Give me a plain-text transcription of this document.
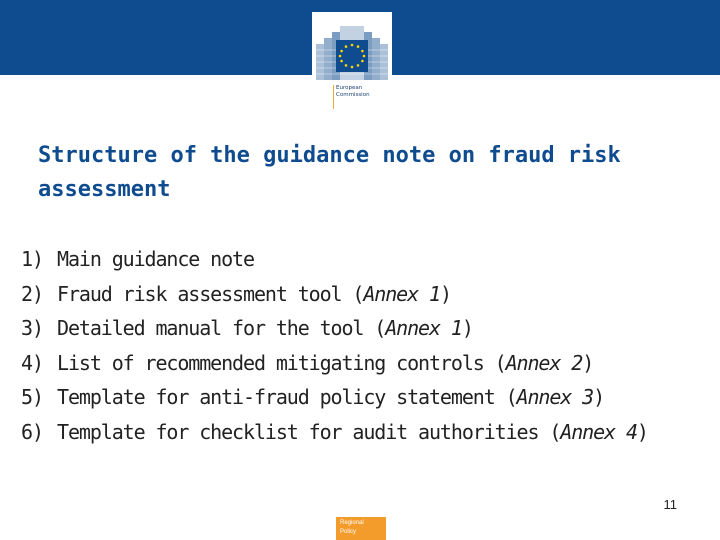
European
Commission
Structure of the guidance note on fraud risk assessment
1) Main guidance note
2) Fraud risk assessment tool (Annex 1)
3) Detailed manual for the tool (Annex 1)
4) List of recommended mitigating controls (Annex 2)
5) Template for anti-fraud policy statement (Annex 3)
6) Template for checklist for audit authorities (Annex 4)
11
Regional
Policy
